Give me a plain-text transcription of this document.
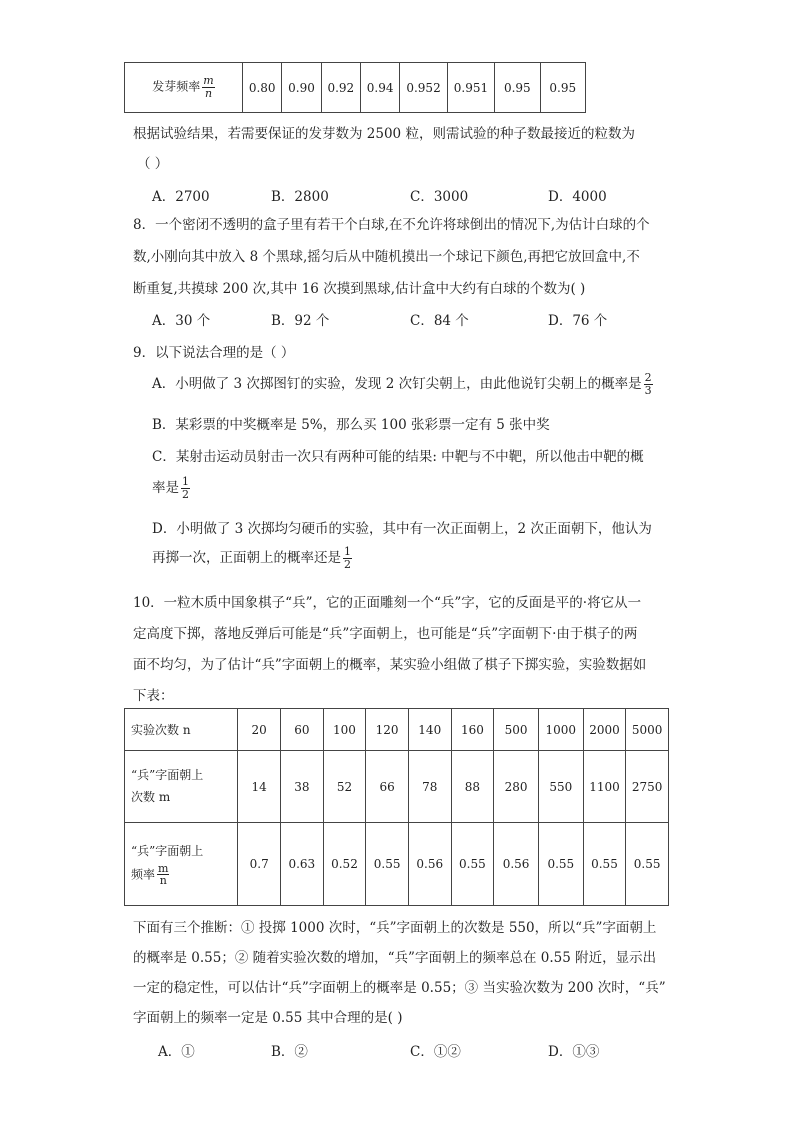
发芽频率 $\frac{m}{n}$	0.80	0.90	0.92	0.94	0.952	0.951	0.95	0.95
根据试验结果，若需要保证的发芽数为 2500 粒，则需试验的种子数最接近的粒数为
（ ）
A．2700	B．2800	C．3000	D．4000
8．一个密闭不透明的盒子里有若干个白球,在不允许将球倒出的情况下,为估计白球的个
数,小刚向其中放入 8 个黑球,摇匀后从中随机摸出一个球记下颜色,再把它放回盒中,不
断重复,共摸球 200 次,其中 16 次摸到黑球,估计盒中大约有白球的个数为( )
A．30 个	B．92 个	C．84 个	D．76 个
9．以下说法合理的是（ ）
A．小明做了 3 次掷图钉的实验，发现 2 次钉尖朝上，由此他说钉尖朝上的概率是 $\frac{2}{3}$
B．某彩票的中奖概率是 5%，那么买 100 张彩票一定有 5 张中奖
C．某射击运动员射击一次只有两种可能的结果: 中靶与不中靶，所以他击中靶的概
率是 $\frac{1}{2}$
D．小明做了 3 次掷均匀硬币的实验，其中有一次正面朝上，2 次正面朝下，他认为
再掷一次，正面朝上的概率还是 $\frac{1}{2}$
10．一粒木质中国象棋子“兵”，它的正面雕刻一个“兵”字，它的反面是平的·将它从一
定高度下掷，落地反弹后可能是“兵”字面朝上，也可能是“兵”字面朝下·由于棋子的两
面不均匀，为了估计“兵”字面朝上的概率，某实验小组做了棋子下掷实验，实验数据如
下表：
实验次数 n	20	60	100	120	140	160	500	1000	2000	5000

“兵”字面朝上
次数 m	14	38	52	66	78	88	280	550	1100	2750

“兵”字面朝上
频率 $\frac{m}{n}$	0.7	0.63	0.52	0.55	0.56	0.55	0.56	0.55	0.55	0.55
下面有三个推断：① 投掷 1000 次时，“兵”字面朝上的次数是 550，所以“兵”字面朝上
的概率是 0.55；② 随着实验次数的增加，“兵”字面朝上的频率总在 0.55 附近，显示出
一定的稳定性，可以估计“兵”字面朝上的概率是 0.55；③ 当实验次数为 200 次时，“兵”
字面朝上的频率一定是 0.55 其中合理的是( )
A．①	B．②	C．①②	D．①③
